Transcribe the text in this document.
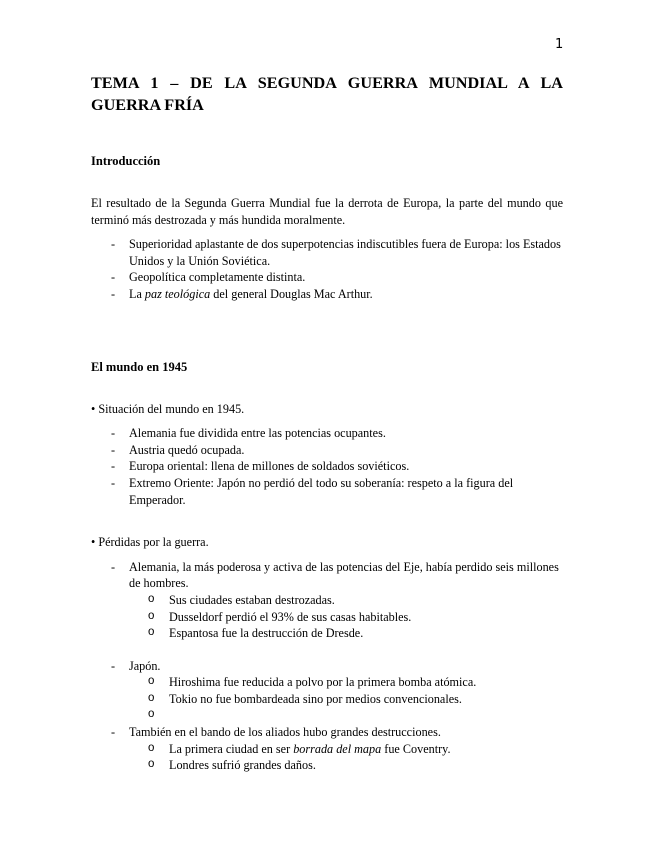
1
TEMA 1 – DE LA SEGUNDA GUERRA MUNDIAL A LA GUERRA FRÍA
Introducción

El resultado de la Segunda Guerra Mundial fue la derrota de Europa, la parte del mundo que terminó más destrozada y más hundida moralmente.

- Superioridad aplastante de dos superpotencias indiscutibles fuera de Europa: los Estados Unidos y la Unión Soviética.
- Geopolítica completamente distinta.
- La paz teológica del general Douglas Mac Arthur.
El mundo en 1945

• Situación del mundo en 1945.

- Alemania fue dividida entre las potencias ocupantes.
- Austria quedó ocupada.
- Europa oriental: llena de millones de soldados soviéticos.
- Extremo Oriente: Japón no perdió del todo su soberanía: respeto a la figura del Emperador.

• Pérdidas por la guerra.

- Alemania, la más poderosa y activa de las potencias del Eje, había perdido seis millones de hombres.
o Sus ciudades estaban destrozadas.
o Dusseldorf perdió el 93% de sus casas habitables.
o Espantosa fue la destrucción de Dresde.
- Japón.
o Hiroshima fue reducida a polvo por la primera bomba atómica.
o Tokio no fue bombardeada sino por medios convencionales.
o
- También en el bando de los aliados hubo grandes destrucciones.
o La primera ciudad en ser borrada del mapa fue Coventry.
o Londres sufrió grandes daños.
